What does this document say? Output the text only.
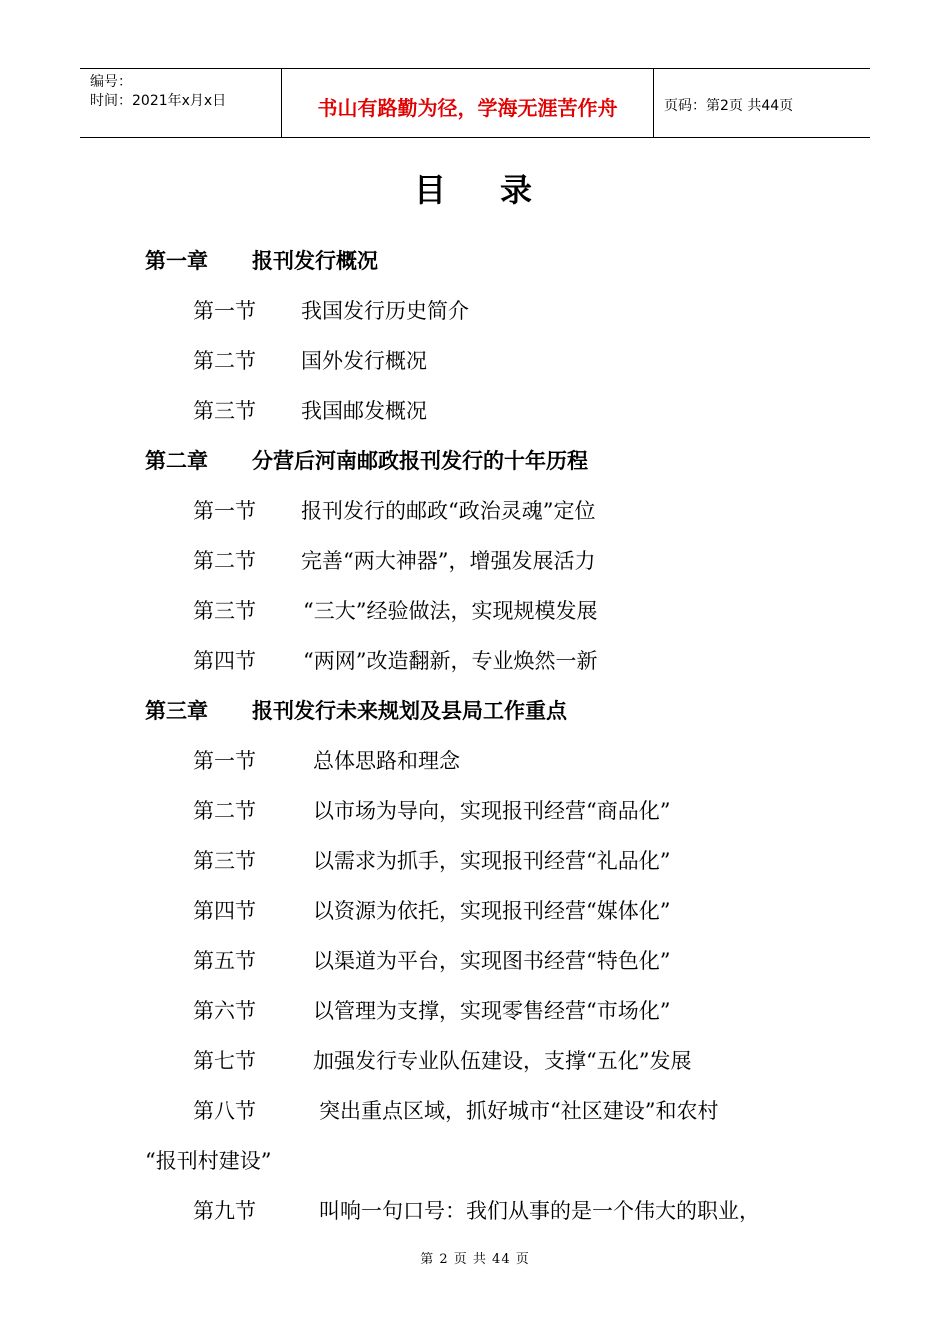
编号：
时间：2021年x月x日	书山有路勤为径，学海无涯苦作舟	页码：第2页 共44页
目 录
第一章 报刊发行概况
第一节 我国发行历史简介
第二节 国外发行概况
第三节 我国邮发概况
第二章 分营后河南邮政报刊发行的十年历程
第一节 报刊发行的邮政“政治灵魂”定位
第二节 完善“两大神器”，增强发展活力
第三节 “三大”经验做法，实现规模发展
第四节 “两网”改造翻新，专业焕然一新
第三章 报刊发行未来规划及县局工作重点
第一节	总体思路和理念
第二节	以市场为导向，实现报刊经营“商品化”
第三节	以需求为抓手，实现报刊经营“礼品化”
第四节	以资源为依托，实现报刊经营“媒体化”
第五节	以渠道为平台，实现图书经营“特色化”
第六节	以管理为支撑，实现零售经营“市场化”
第七节	加强发行专业队伍建设，支撑“五化”发展
第八节	突出重点区域，抓好城市“社区建设”和农村
“报刊村建设”
第九节	叫响一句口号：我们从事的是一个伟大的职业，
第 2 页 共 44 页
